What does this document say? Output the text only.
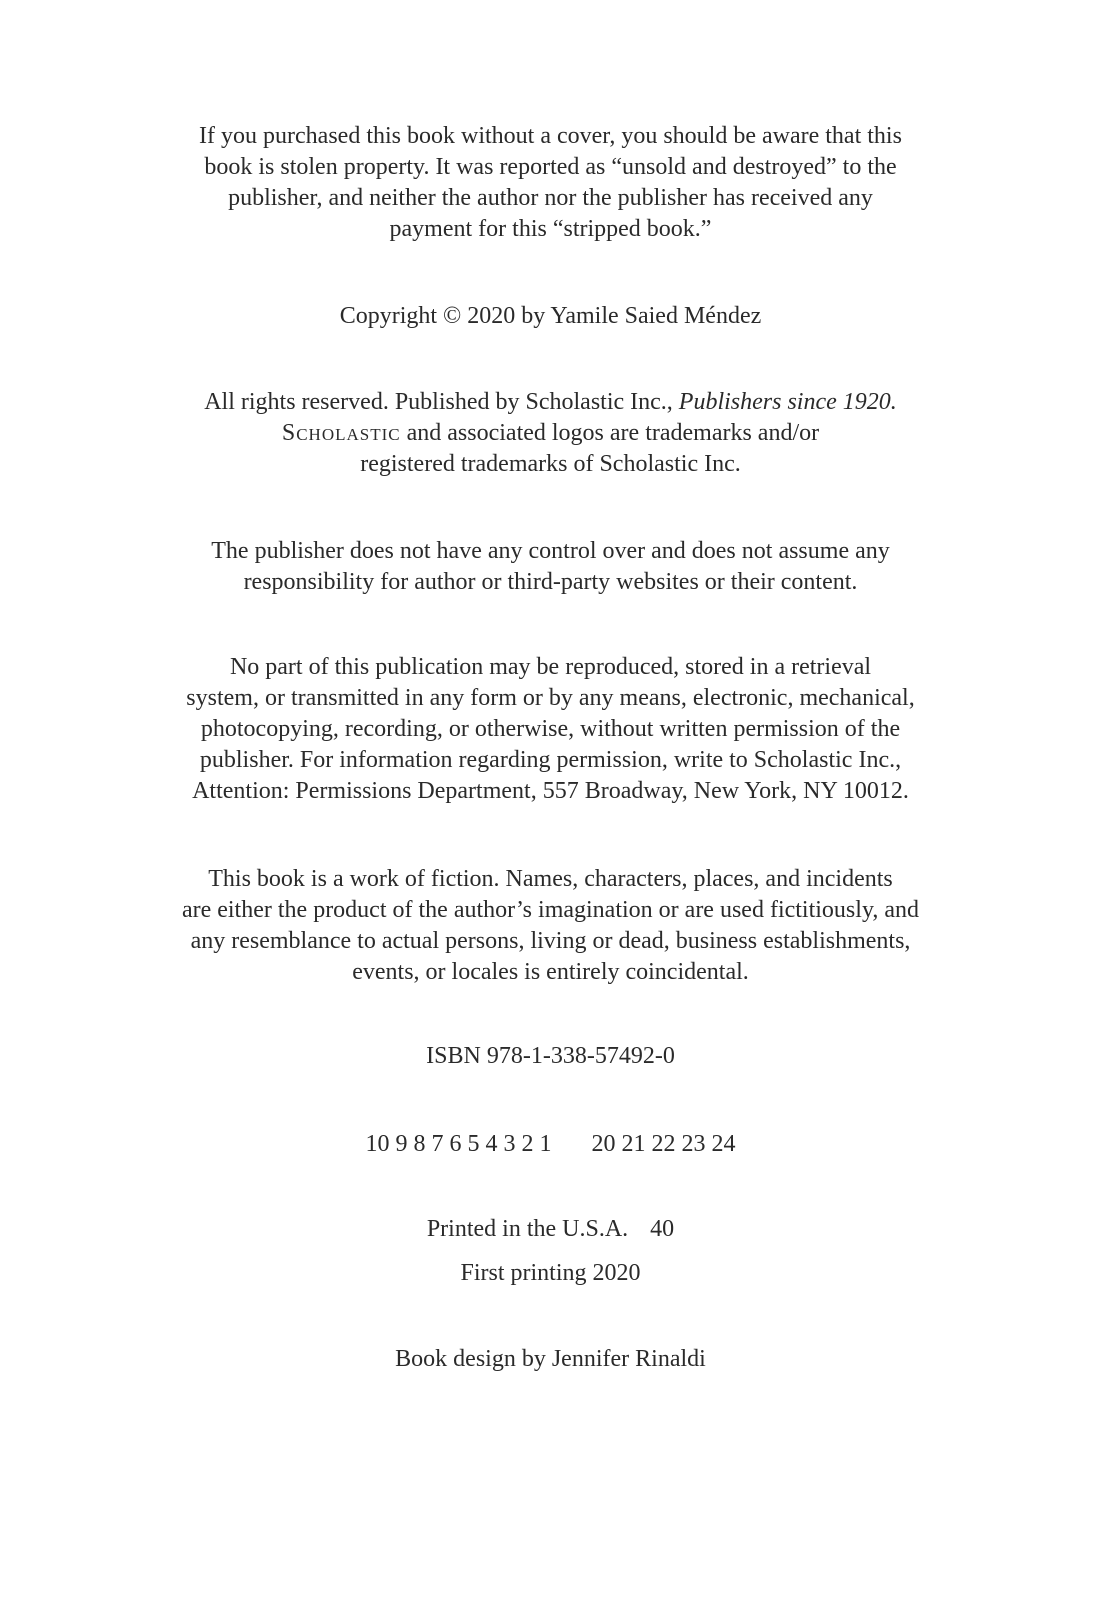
If you purchased this book without a cover, you should be aware that this
book is stolen property. It was reported as “unsold and destroyed” to the
publisher, and neither the author nor the publisher has received any
payment for this “stripped book.”
Copyright © 2020 by Yamile Saied Méndez
All rights reserved. Published by Scholastic Inc., Publishers since 1920.
Scholastic and associated logos are trademarks and/or
registered trademarks of Scholastic Inc.
The publisher does not have any control over and does not assume any
responsibility for author or third-party websites or their content.
No part of this publication may be reproduced, stored in a retrieval
system, or transmitted in any form or by any means, electronic, mechanical,
photocopying, recording, or otherwise, without written permission of the
publisher. For information regarding permission, write to Scholastic Inc.,
Attention: Permissions Department, 557 Broadway, New York, NY 10012.
This book is a work of fiction. Names, characters, places, and incidents
are either the product of the author’s imagination or are used fictitiously, and
any resemblance to actual persons, living or dead, business establishments,
events, or locales is entirely coincidental.
ISBN 978-1-338-57492-0
10 9 8 7 6 5 4 3 2 1 20 21 22 23 24
Printed in the U.S.A. 40
First printing 2020
Book design by Jennifer Rinaldi
